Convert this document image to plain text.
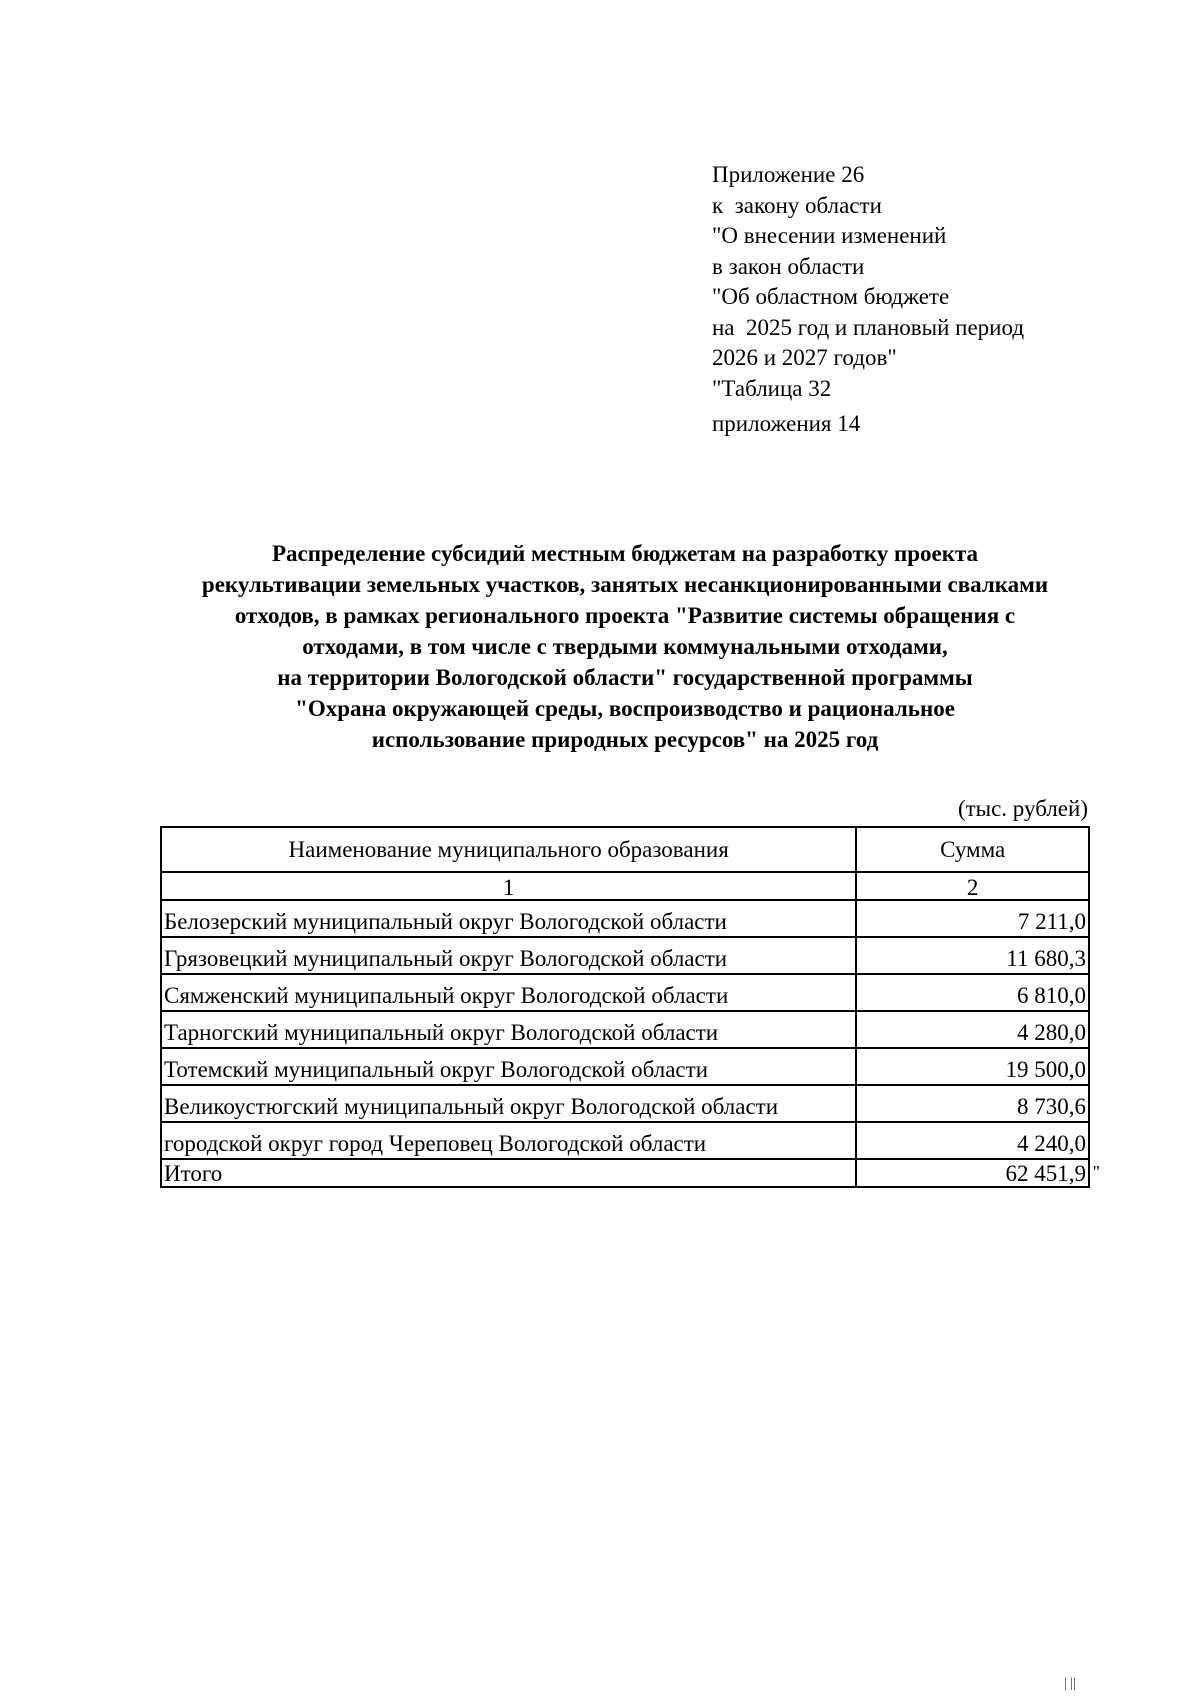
Приложение 26
к  закону области
"О внесении изменений
в закон области
"Об областном бюджете
на  2025 год и плановый период
2026 и 2027 годов"
"Таблица 32
приложения 14
Распределение субсидий местным бюджетам на разработку проекта
рекультивации земельных участков, занятых несанкционированными свалками
отходов, в рамках регионального проекта "Развитие системы обращения с
отходами, в том числе с твердыми коммунальными отходами,
на территории Вологодской области" государственной программы
"Охрана окружающей среды, воспроизводство и рациональное
использование природных ресурсов" на 2025 год
(тыс. рублей)
Наименование муниципального образования	Сумма
1	2
Белозерский муниципальный округ Вологодской области	7 211,0
Грязовецкий муниципальный округ Вологодской области	11 680,3
Сямженский муниципальный округ Вологодской области	6 810,0
Тарногский муниципальный округ Вологодской области	4 280,0
Тотемский муниципальный округ Вологодской области	19 500,0
Великоустюгский муниципальный округ Вологодской области	8 730,6
городской округ город Череповец Вологодской области	4 240,0
Итого	62 451,9 "
| ||
